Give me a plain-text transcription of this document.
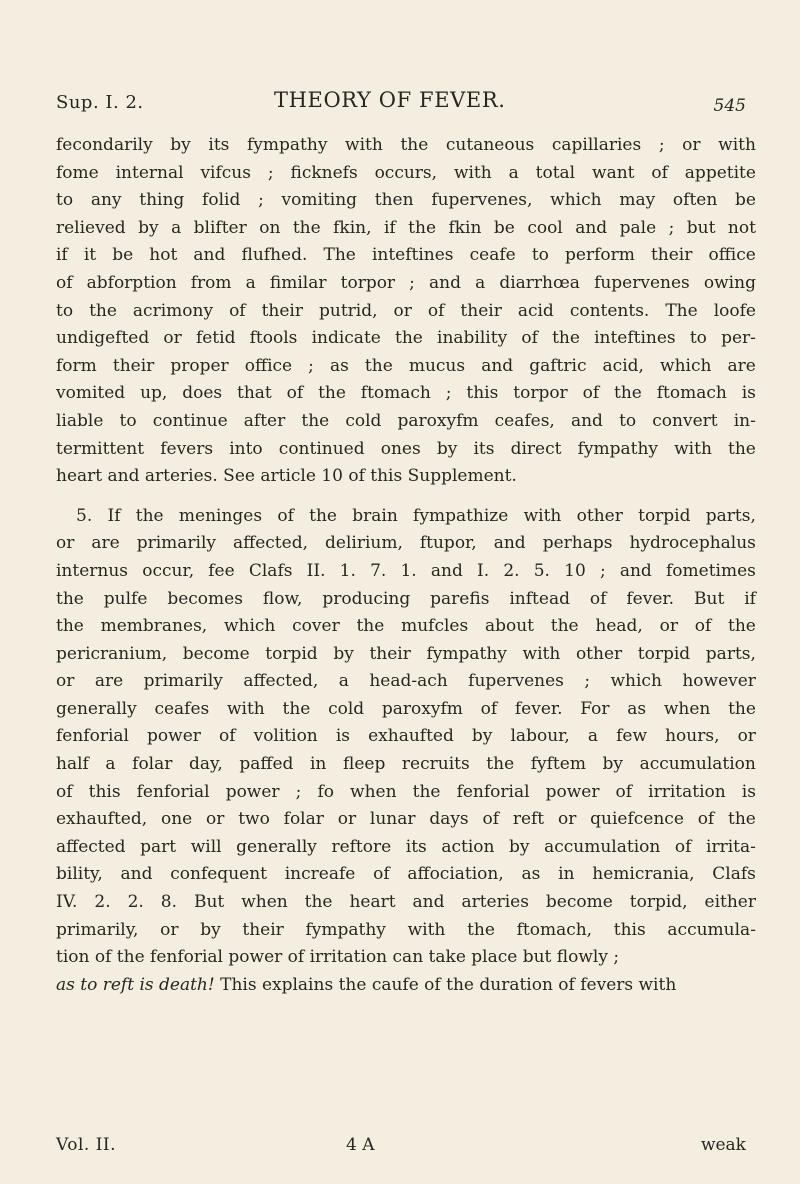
Sup. I. 2.	THEORY OF FEVER.	545
fecondarily by its fympathy with the cutaneous capillaries ; or with
fome internal vifcus ; ficknefs occurs, with a total want of appetite
to any thing folid ; vomiting then fupervenes, which may often be
relieved by a blifter on the fkin, if the fkin be cool and pale ; but not
if it be hot and flufhed. The inteftines ceafe to perform their office
of abforption from a fimilar torpor ; and a diarrhœa fupervenes owing
to the acrimony of their putrid, or of their acid contents. The loofe
undigefted or fetid ftools indicate the inability of the inteftines to per-
form their proper office ; as the mucus and gaftric acid, which are
vomited up, does that of the ftomach ; this torpor of the ftomach is
liable to continue after the cold paroxyfm ceafes, and to convert in-
termittent fevers into continued ones by its direct fympathy with the
heart and arteries. See article 10 of this Supplement.
5. If the meninges of the brain fympathize with other torpid parts,
or are primarily affected, delirium, ftupor, and perhaps hydrocephalus
internus occur, fee Clafs II. 1. 7. 1. and I. 2. 5. 10 ; and fometimes
the pulfe becomes flow, producing parefis inftead of fever. But if
the membranes, which cover the mufcles about the head, or of the
pericranium, become torpid by their fympathy with other torpid parts,
or are primarily affected, a head-ach fupervenes ; which however
generally ceafes with the cold paroxyfm of fever. For as when the
fenforial power of volition is exhaufted by labour, a few hours, or
half a folar day, paffed in fleep recruits the fyftem by accumulation
of this fenforial power ; fo when the fenforial power of irritation is
exhaufted, one or two folar or lunar days of reft or quiefcence of the
affected part will generally reftore its action by accumulation of irrita-
bility, and confequent increafe of affociation, as in hemicrania, Clafs
IV. 2. 2. 8. But when the heart and arteries become torpid, either
primarily, or by their fympathy with the ftomach, this accumula-
tion of the fenforial power of irritation can take place but flowly ;
as to reft is death! This explains the caufe of the duration of fevers with
Vol. II.	4 A	weak
